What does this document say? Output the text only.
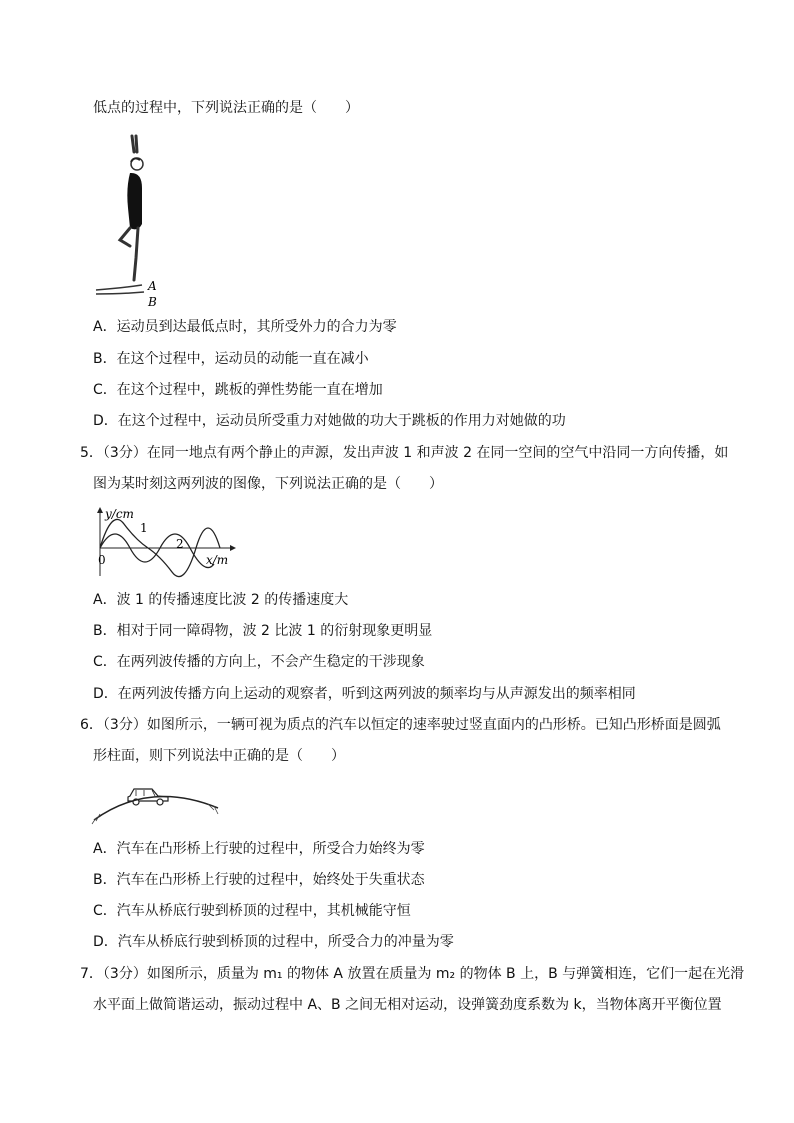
低点的过程中，下列说法正确的是（　　）
A
B
A．运动员到达最低点时，其所受外力的合力为零
B．在这个过程中，运动员的动能一直在减小
C．在这个过程中，跳板的弹性势能一直在增加
D．在这个过程中，运动员所受重力对她做的功大于跳板的作用力对她做的功
5．（3分）在同一地点有两个静止的声源，发出声波 1 和声波 2 在同一空间的空气中沿同一方向传播，如
图为某时刻这两列波的图像，下列说法正确的是（　　）
y/cm
1
2
0	x/m
A．波 1 的传播速度比波 2 的传播速度大
B．相对于同一障碍物，波 2 比波 1 的衍射现象更明显
C．在两列波传播的方向上，不会产生稳定的干涉现象
D．在两列波传播方向上运动的观察者，听到这两列波的频率均与从声源发出的频率相同
6．（3分）如图所示，一辆可视为质点的汽车以恒定的速率驶过竖直面内的凸形桥。已知凸形桥面是圆弧
形柱面，则下列说法中正确的是（　　）
A．汽车在凸形桥上行驶的过程中，所受合力始终为零
B．汽车在凸形桥上行驶的过程中，始终处于失重状态
C．汽车从桥底行驶到桥顶的过程中，其机械能守恒
D．汽车从桥底行驶到桥顶的过程中，所受合力的冲量为零
7．（3分）如图所示，质量为 m₁ 的物体 A 放置在质量为 m₂ 的物体 B 上，B 与弹簧相连，它们一起在光滑
水平面上做简谐运动，振动过程中 A、B 之间无相对运动，设弹簧劲度系数为 k，当物体离开平衡位置
